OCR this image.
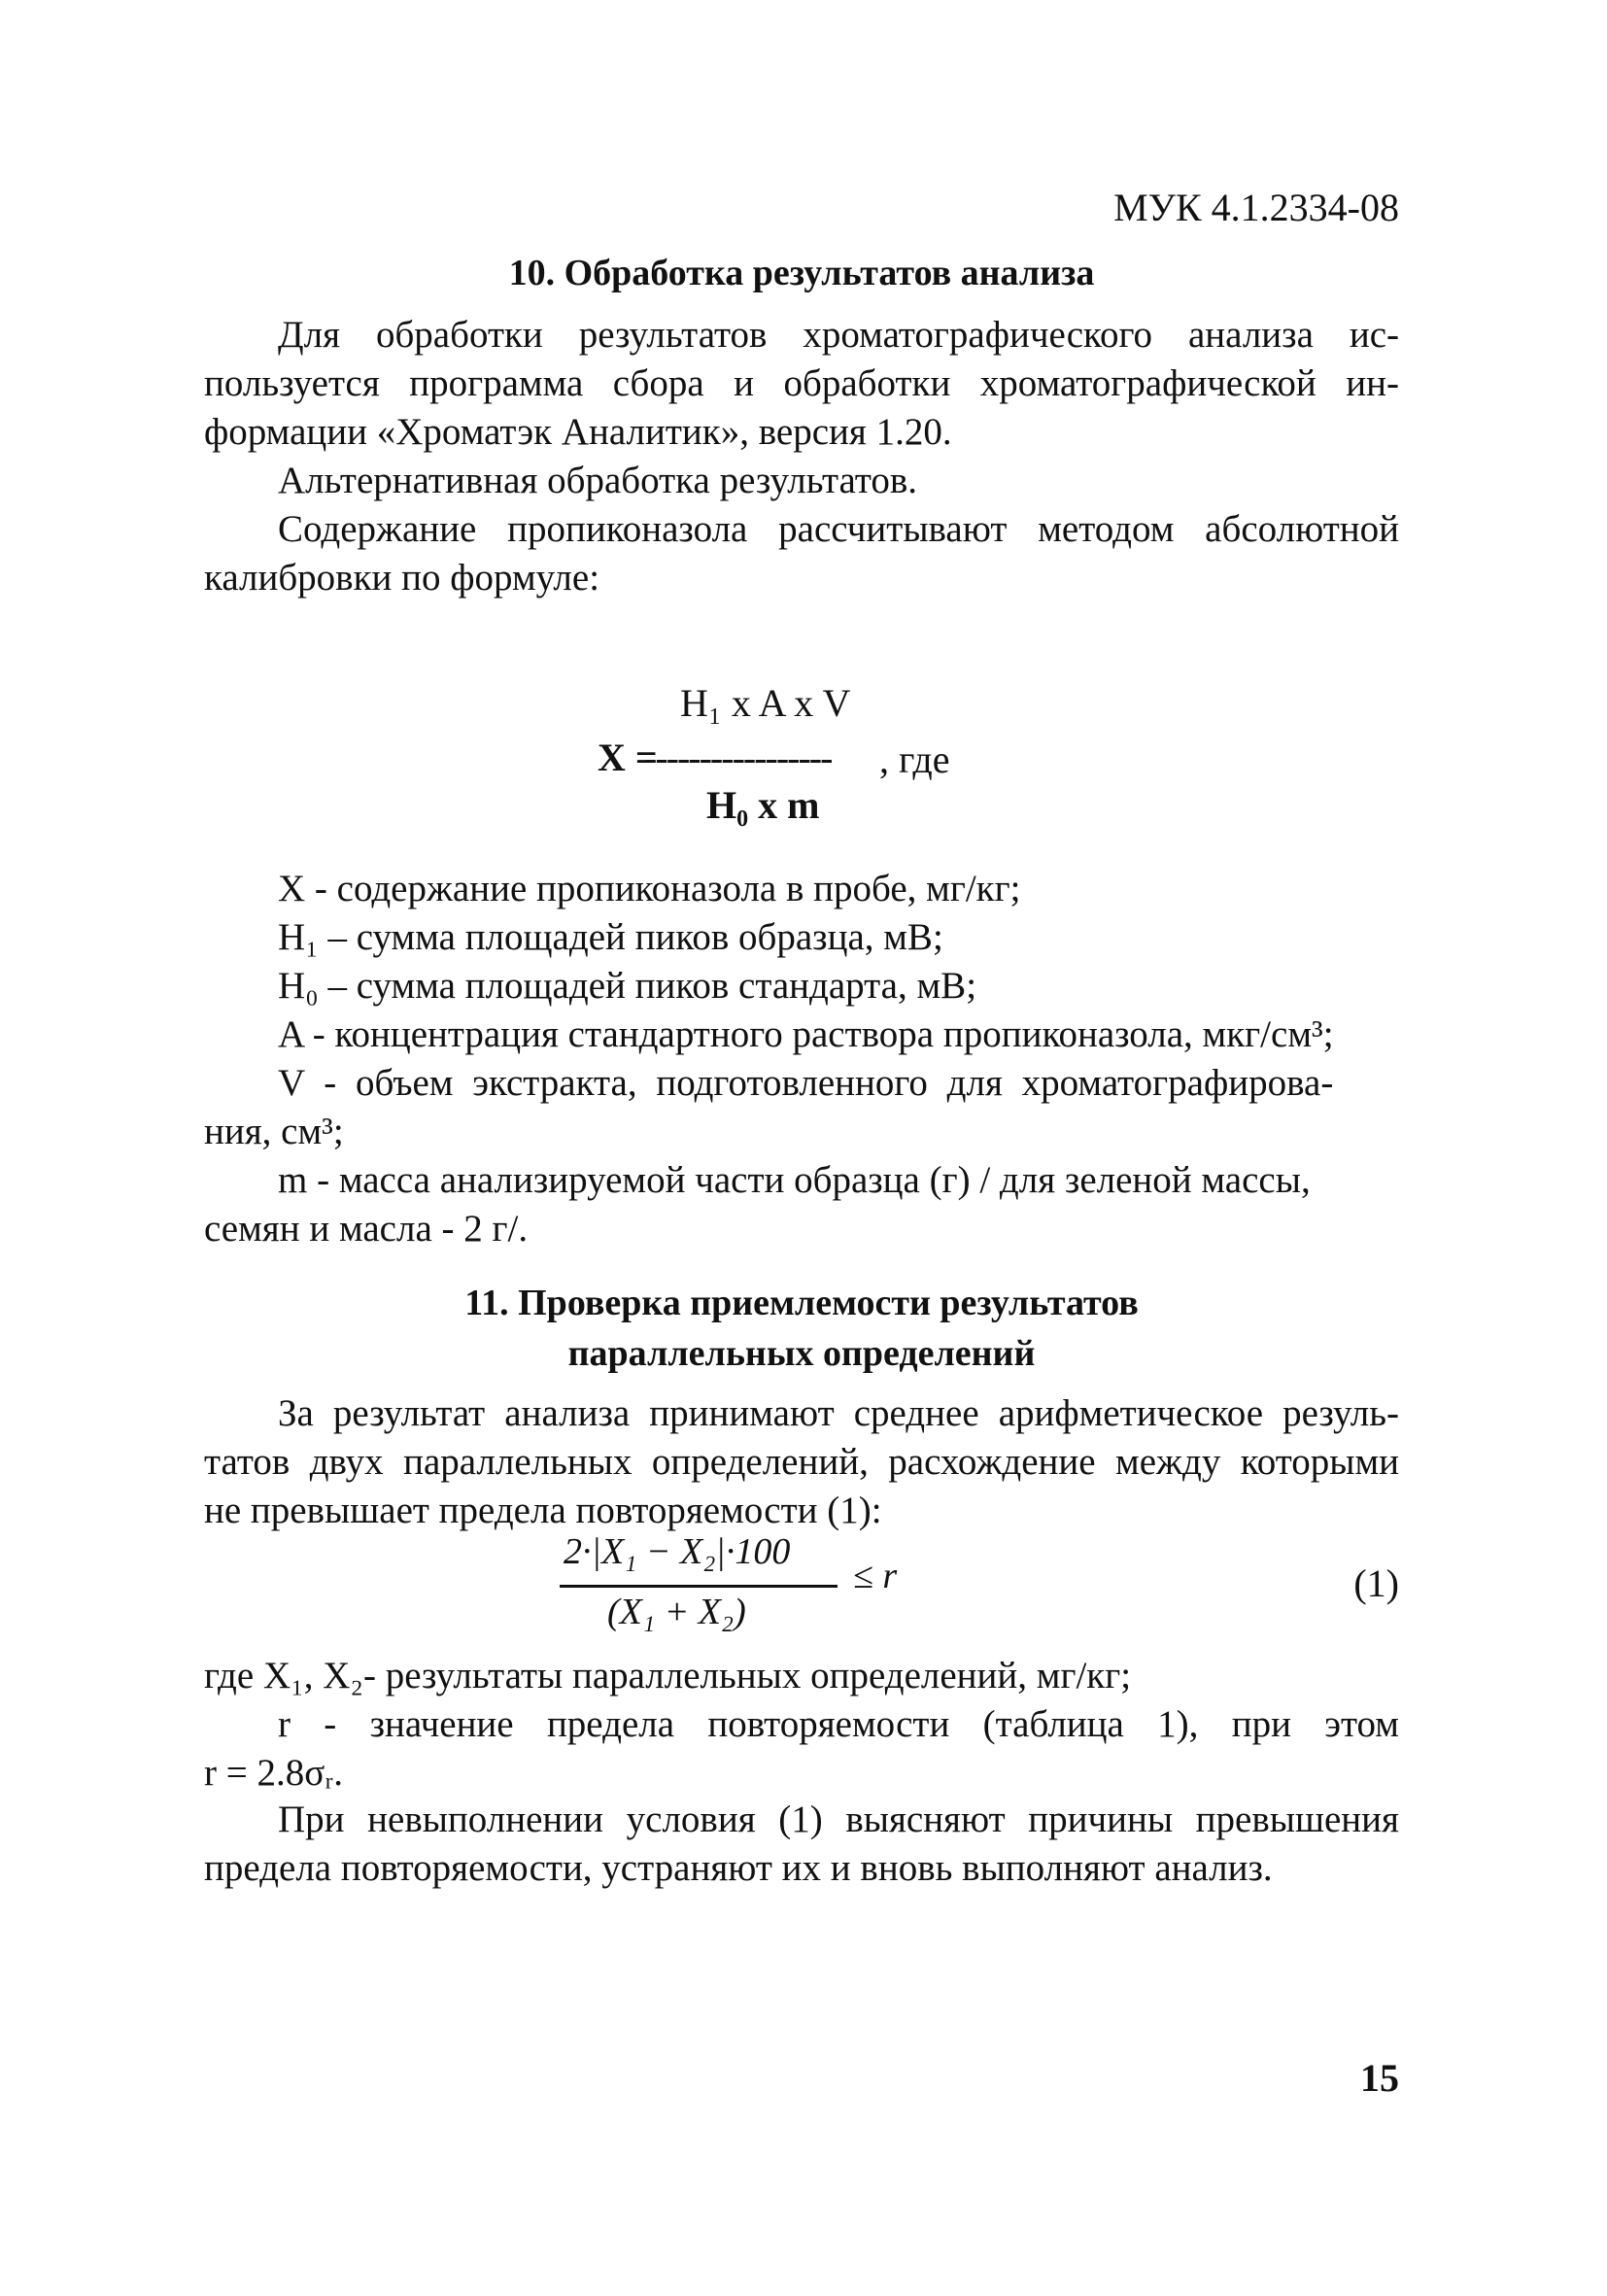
МУК 4.1.2334-08
10. Обработка результатов анализа
Для обработки результатов хроматографического анализа ис-
пользуется программа сбора и обработки хроматографической ин-
формации «Хроматэк Аналитик», версия 1.20.
Альтернативная обработка результатов.
Содержание пропиконазола рассчитывают методом абсолютной
калибровки по формуле:
H₁ x A x V
X =
----------------- , где
H₀ x m
X - содержание пропиконазола в пробе, мг/кг;
H₁ – сумма площадей пиков образца, мВ;
H₀ – сумма площадей пиков стандарта, мВ;
A - концентрация стандартного раствора пропиконазола, мкг/см³;
V - объем экстракта, подготовленного для хроматографирова-
ния, см³;
m - масса анализируемой части образца (г) / для зеленой массы,
семян и масла - 2 г/.
11. Проверка приемлемости результатов
параллельных определений
За результат анализа принимают среднее арифметическое резуль-
татов двух параллельных определений, расхождение между которыми
не превышает предела повторяемости (1):
2·|X₁ − X₂|·100
(X₁ + X₂)
≤ r	(1)
где X₁, X₂- результаты параллельных определений, мг/кг;
r - значение предела повторяемости (таблица 1), при этом
r = 2.8σᵣ.
При невыполнении условия (1) выясняют причины превышения
предела повторяемости, устраняют их и вновь выполняют анализ.
15
